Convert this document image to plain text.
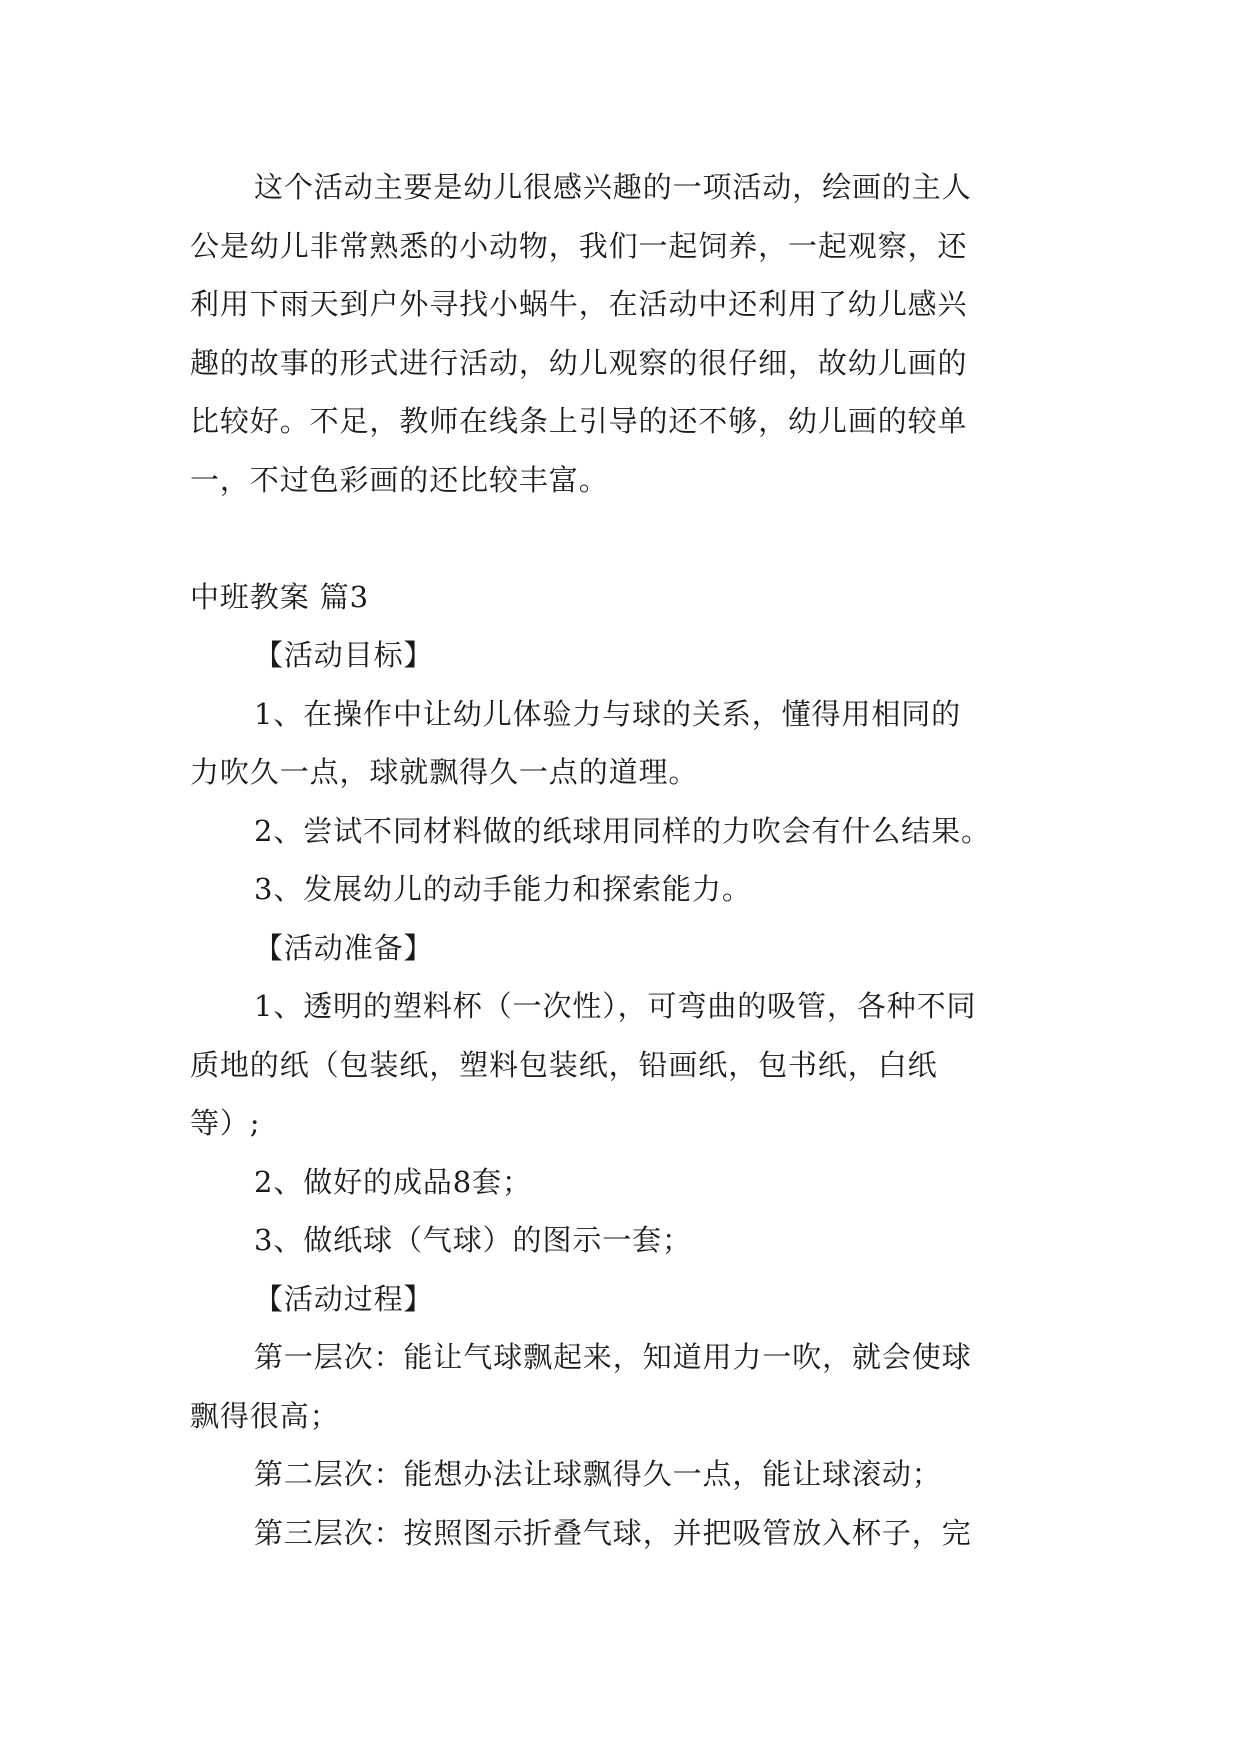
这个活动主要是幼儿很感兴趣的一项活动，绘画的主人
公是幼儿非常熟悉的小动物，我们一起饲养，一起观察，还
利用下雨天到户外寻找小蜗牛，在活动中还利用了幼儿感兴
趣的故事的形式进行活动，幼儿观察的很仔细，故幼儿画的
比较好。不足，教师在线条上引导的还不够，幼儿画的较单
一，不过色彩画的还比较丰富。
中班教案 篇3
【活动目标】
1、在操作中让幼儿体验力与球的关系，懂得用相同的
力吹久一点，球就飘得久一点的道理。
2、尝试不同材料做的纸球用同样的力吹会有什么结果。
3、发展幼儿的动手能力和探索能力。
【活动准备】
1、透明的塑料杯（一次性），可弯曲的吸管，各种不同
质地的纸（包装纸，塑料包装纸，铅画纸，包书纸，白纸
等）;
2、做好的成品8套；
3、做纸球（气球）的图示一套；
【活动过程】
第一层次：能让气球飘起来，知道用力一吹，就会使球
飘得很高；
第二层次：能想办法让球飘得久一点，能让球滚动；
第三层次：按照图示折叠气球，并把吸管放入杯子，完
